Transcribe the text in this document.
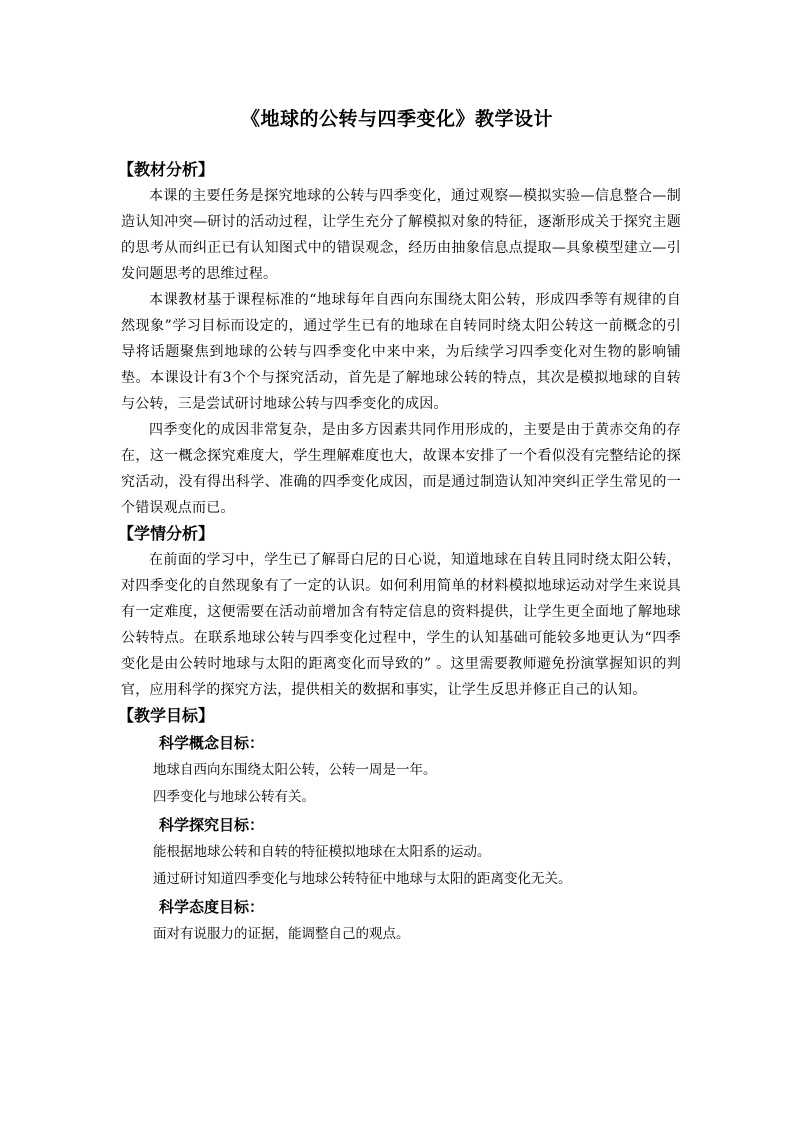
《地球的公转与四季变化》教学设计
【教材分析】

本课的主要任务是探究地球的公转与四季变化，通过观察—模拟实验—信息整合—制造认知冲突—研讨的活动过程，让学生充分了解模拟对象的特征，逐渐形成关于探究主题的思考从而纠正已有认知图式中的错误观念，经历由抽象信息点提取—具象模型建立—引发问题思考的思维过程。

本课教材基于课程标准的“地球每年自西向东围绕太阳公转，形成四季等有规律的自然现象”学习目标而设定的，通过学生已有的地球在自转同时绕太阳公转这一前概念的引导将话题聚焦到地球的公转与四季变化中来中来，为后续学习四季变化对生物的影响铺垫。本课设计有3个个与探究活动，首先是了解地球公转的特点，其次是模拟地球的自转与公转，三是尝试研讨地球公转与四季变化的成因。

四季变化的成因非常复杂，是由多方因素共同作用形成的，主要是由于黄赤交角的存在，这一概念探究难度大，学生理解难度也大，故课本安排了一个看似没有完整结论的探究活动，没有得出科学、准确的四季变化成因，而是通过制造认知冲突纠正学生常见的一个错误观点而已。

【学情分析】

在前面的学习中，学生已了解哥白尼的日心说，知道地球在自转且同时绕太阳公转，对四季变化的自然现象有了一定的认识。如何利用简单的材料模拟地球运动对学生来说具有一定难度，这便需要在活动前增加含有特定信息的资料提供，让学生更全面地了解地球公转特点。在联系地球公转与四季变化过程中，学生的认知基础可能较多地更认为“四季变化是由公转时地球与太阳的距离变化而导致的” 。这里需要教师避免扮演掌握知识的判官，应用科学的探究方法，提供相关的数据和事实，让学生反思并修正自己的认知。

【教学目标】
科学概念目标：
地球自西向东围绕太阳公转，公转一周是一年。
四季变化与地球公转有关。
科学探究目标：
能根据地球公转和自转的特征模拟地球在太阳系的运动。
通过研讨知道四季变化与地球公转特征中地球与太阳的距离变化无关。
科学态度目标：
面对有说服力的证据，能调整自己的观点。
